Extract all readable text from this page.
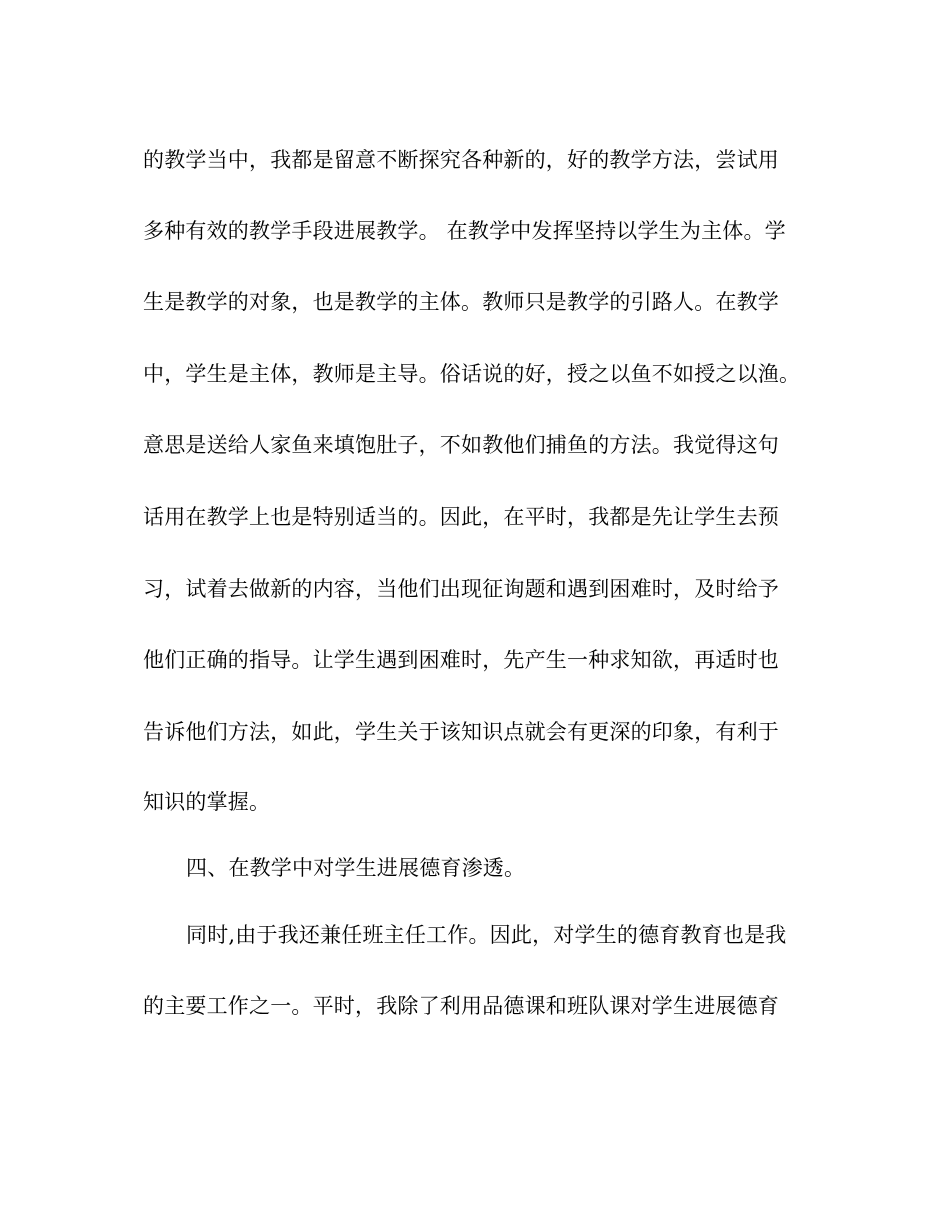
的教学当中，我都是留意不断探究各种新的，好的教学方法，尝试用
多种有效的教学手段进展教学。 在教学中发挥坚持以学生为主体。学
生是教学的对象，也是教学的主体。教师只是教学的引路人。在教学
中，学生是主体，教师是主导。俗话说的好，授之以鱼不如授之以渔。
意思是送给人家鱼来填饱肚子，不如教他们捕鱼的方法。我觉得这句
话用在教学上也是特别适当的。因此，在平时，我都是先让学生去预
习，试着去做新的内容，当他们出现征询题和遇到困难时，及时给予
他们正确的指导。让学生遇到困难时，先产生一种求知欲，再适时也
告诉他们方法，如此，学生关于该知识点就会有更深的印象，有利于
知识的掌握。
四、在教学中对学生进展德育渗透。
同时,由于我还兼任班主任工作。因此，对学生的德育教育也是我
的主要工作之一。平时，我除了利用品德课和班队课对学生进展德育
